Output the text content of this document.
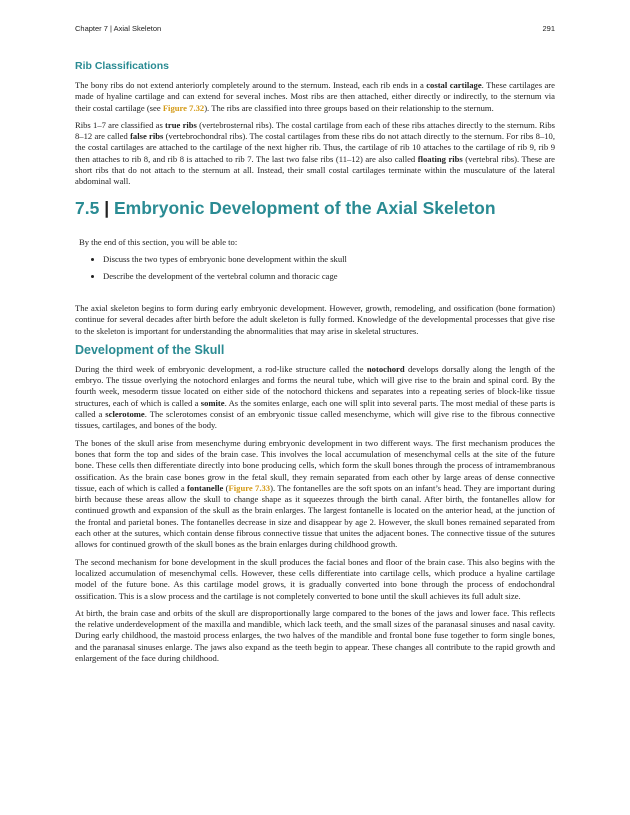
Chapter 7 | Axial Skeleton	291
Rib Classifications

The bony ribs do not extend anteriorly completely around to the sternum. Instead, each rib ends in a costal cartilage. These cartilages are made of hyaline cartilage and can extend for several inches. Most ribs are then attached, either directly or indirectly, to the sternum via their costal cartilage (see Figure 7.32). The ribs are classified into three groups based on their relationship to the sternum.

Ribs 1–7 are classified as true ribs (vertebrosternal ribs). The costal cartilage from each of these ribs attaches directly to the sternum. Ribs 8–12 are called false ribs (vertebrochondral ribs). The costal cartilages from these ribs do not attach directly to the sternum. For ribs 8–10, the costal cartilages are attached to the cartilage of the next higher rib. Thus, the cartilage of rib 10 attaches to the cartilage of rib 9, rib 9 then attaches to rib 8, and rib 8 is attached to rib 7. The last two false ribs (11–12) are also called floating ribs (vertebral ribs). These are short ribs that do not attach to the sternum at all. Instead, their small costal cartilages terminate within the musculature of the lateral abdominal wall.

7.5 | Embryonic Development of the Axial Skeleton

By the end of this section, you will be able to:

• Discuss the two types of embryonic bone development within the skull
• Describe the development of the vertebral column and thoracic cage

The axial skeleton begins to form during early embryonic development. However, growth, remodeling, and ossification (bone formation) continue for several decades after birth before the adult skeleton is fully formed. Knowledge of the developmental processes that give rise to the skeleton is important for understanding the abnormalities that may arise in skeletal structures.

Development of the Skull

During the third week of embryonic development, a rod-like structure called the notochord develops dorsally along the length of the embryo. The tissue overlying the notochord enlarges and forms the neural tube, which will give rise to the brain and spinal cord. By the fourth week, mesoderm tissue located on either side of the notochord thickens and separates into a repeating series of block-like tissue structures, each of which is called a somite. As the somites enlarge, each one will split into several parts. The most medial of these parts is called a sclerotome. The sclerotomes consist of an embryonic tissue called mesenchyme, which will give rise to the fibrous connective tissues, cartilages, and bones of the body.

The bones of the skull arise from mesenchyme during embryonic development in two different ways. The first mechanism produces the bones that form the top and sides of the brain case. This involves the local accumulation of mesenchymal cells at the site of the future bone. These cells then differentiate directly into bone producing cells, which form the skull bones through the process of intramembranous ossification. As the brain case bones grow in the fetal skull, they remain separated from each other by large areas of dense connective tissue, each of which is called a fontanelle (Figure 7.33). The fontanelles are the soft spots on an infant’s head. They are important during birth because these areas allow the skull to change shape as it squeezes through the birth canal. After birth, the fontanelles allow for continued growth and expansion of the skull as the brain enlarges. The largest fontanelle is located on the anterior head, at the junction of the frontal and parietal bones. The fontanelles decrease in size and disappear by age 2. However, the skull bones remained separated from each other at the sutures, which contain dense fibrous connective tissue that unites the adjacent bones. The connective tissue of the sutures allows for continued growth of the skull bones as the brain enlarges during childhood growth.

The second mechanism for bone development in the skull produces the facial bones and floor of the brain case. This also begins with the localized accumulation of mesenchymal cells. However, these cells differentiate into cartilage cells, which produce a hyaline cartilage model of the future bone. As this cartilage model grows, it is gradually converted into bone through the process of endochondral ossification. This is a slow process and the cartilage is not completely converted to bone until the skull achieves its full adult size.

At birth, the brain case and orbits of the skull are disproportionally large compared to the bones of the jaws and lower face. This reflects the relative underdevelopment of the maxilla and mandible, which lack teeth, and the small sizes of the paranasal sinuses and nasal cavity. During early childhood, the mastoid process enlarges, the two halves of the mandible and frontal bone fuse together to form single bones, and the paranasal sinuses enlarge. The jaws also expand as the teeth begin to appear. These changes all contribute to the rapid growth and enlargement of the face during childhood.
